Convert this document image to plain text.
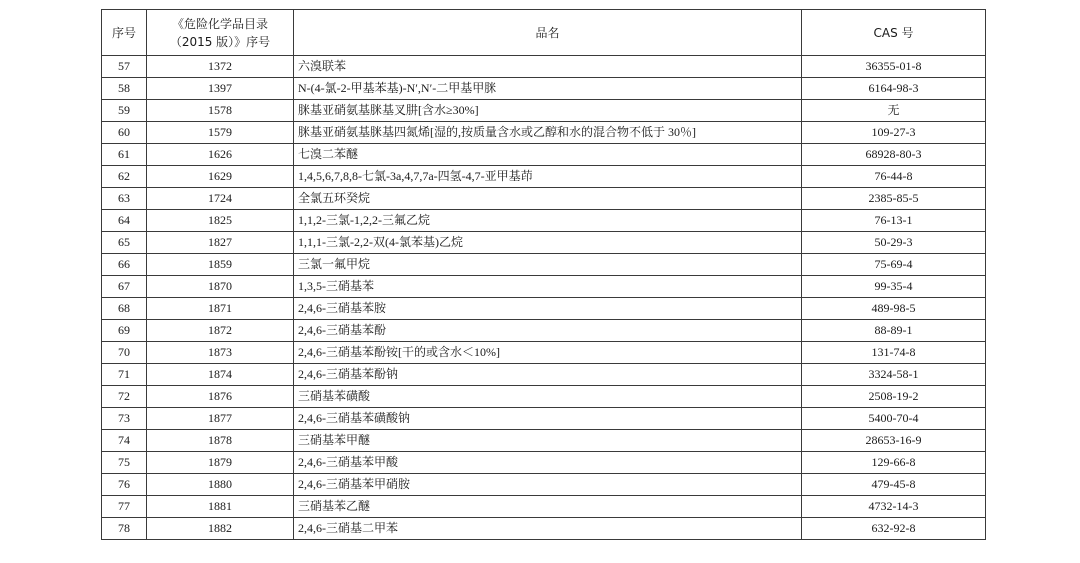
序号	《危险化学品目录
（2015 版）》序号	品名	CAS 号
57	1372	六溴联苯	36355-01-8
58	1397	N-(4-氯-2-甲基苯基)-N′,N′-二甲基甲脒	6164-98-3
59	1578	脒基亚硝氨基脒基叉肼[含水≥30%]	无
60	1579	脒基亚硝氨基脒基四氮烯[湿的,按质量含水或乙醇和水的混合物不低于 30％]	109-27-3
61	1626	七溴二苯醚	68928-80-3
62	1629	1,4,5,6,7,8,8-七氯-3a,4,7,7a-四氢-4,7-亚甲基茚	76-44-8
63	1724	全氯五环癸烷	2385-85-5
64	1825	1,1,2-三氯-1,2,2-三氟乙烷	76-13-1
65	1827	1,1,1-三氯-2,2-双(4-氯苯基)乙烷	50-29-3
66	1859	三氯一氟甲烷	75-69-4
67	1870	1,3,5-三硝基苯	99-35-4
68	1871	2,4,6-三硝基苯胺	489-98-5
69	1872	2,4,6-三硝基苯酚	88-89-1
70	1873	2,4,6-三硝基苯酚铵[干的或含水＜10%]	131-74-8
71	1874	2,4,6-三硝基苯酚钠	3324-58-1
72	1876	三硝基苯磺酸	2508-19-2
73	1877	2,4,6-三硝基苯磺酸钠	5400-70-4
74	1878	三硝基苯甲醚	28653-16-9
75	1879	2,4,6-三硝基苯甲酸	129-66-8
76	1880	2,4,6-三硝基苯甲硝胺	479-45-8
77	1881	三硝基苯乙醚	4732-14-3
78	1882	2,4,6-三硝基二甲苯	632-92-8
